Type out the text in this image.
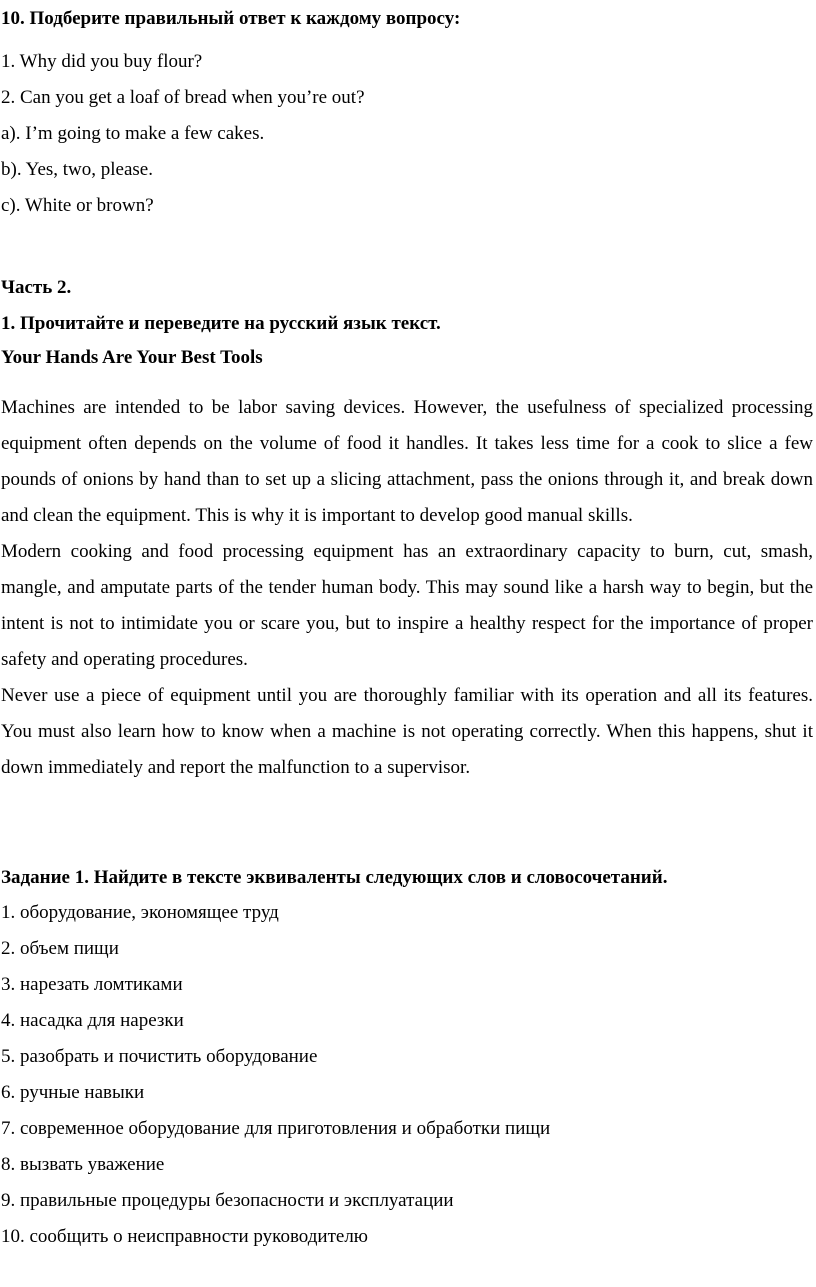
10. Подберите правильный ответ к каждому вопросу:
1. Why did you buy flour?
2. Can you get a loaf of bread when you’re out?
a). I’m going to make a few cakes.
b). Yes, two, please.
c). White or brown?
Часть 2.
1. Прочитайте и переведите на русский язык текст.
Your Hands Are Your Best Tools

Machines are intended to be labor saving devices. However, the usefulness of specialized processing equipment often depends on the volume of food it handles. It takes less time for a cook to slice a few pounds of onions by hand than to set up a slicing attachment, pass the onions through it, and break down and clean the equipment. This is why it is important to develop good manual skills.

Modern cooking and food processing equipment has an extraordinary capacity to burn, cut, smash, mangle, and amputate parts of the tender human body. This may sound like a harsh way to begin, but the intent is not to intimidate you or scare you, but to inspire a healthy respect for the importance of proper safety and operating procedures.

Never use a piece of equipment until you are thoroughly familiar with its operation and all its features. You must also learn how to know when a machine is not operating correctly. When this happens, shut it down immediately and report the malfunction to a supervisor.

Задание 1. Найдите в тексте эквиваленты следующих слов и словосочетаний.
1. оборудование, экономящее труд
2. объем пищи
3. нарезать ломтиками
4. насадка для нарезки
5. разобрать и почистить оборудование
6. ручные навыки
7. современное оборудование для приготовления и обработки пищи
8. вызвать уважение
9. правильные процедуры безопасности и эксплуатации
10. сообщить о неисправности руководителю
